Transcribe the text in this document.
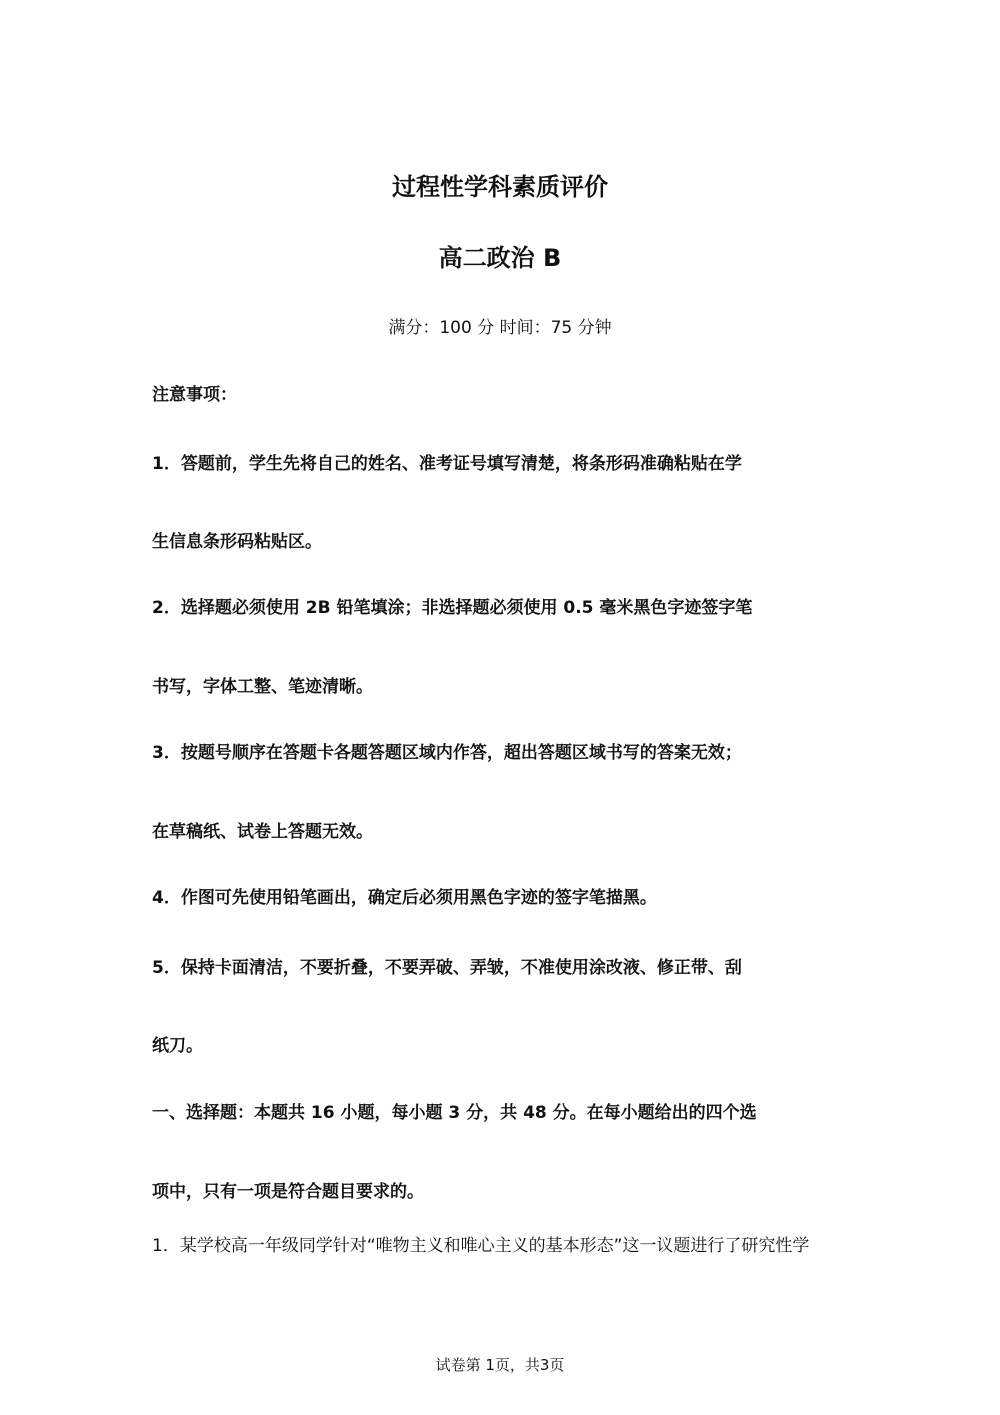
过程性学科素质评价
高二政治 B
满分：100 分 时间：75 分钟
注意事项：
1．答题前，学生先将自己的姓名、准考证号填写清楚，将条形码准确粘贴在学
生信息条形码粘贴区。
2．选择题必须使用 2B 铅笔填涂；非选择题必须使用 0.5 毫米黑色字迹签字笔
书写，字体工整、笔迹清晰。
3．按题号顺序在答题卡各题答题区域内作答，超出答题区域书写的答案无效；
在草稿纸、试卷上答题无效。
4．作图可先使用铅笔画出，确定后必须用黑色字迹的签字笔描黑。
5．保持卡面清洁，不要折叠，不要弄破、弄皱，不准使用涂改液、修正带、刮
纸刀。
一、选择题：本题共 16 小题，每小题 3 分，共 48 分。在每小题给出的四个选
项中，只有一项是符合题目要求的。
1．某学校高一年级同学针对“唯物主义和唯心主义的基本形态”这一议题进行了研究性学
试卷第 1页，共3页
